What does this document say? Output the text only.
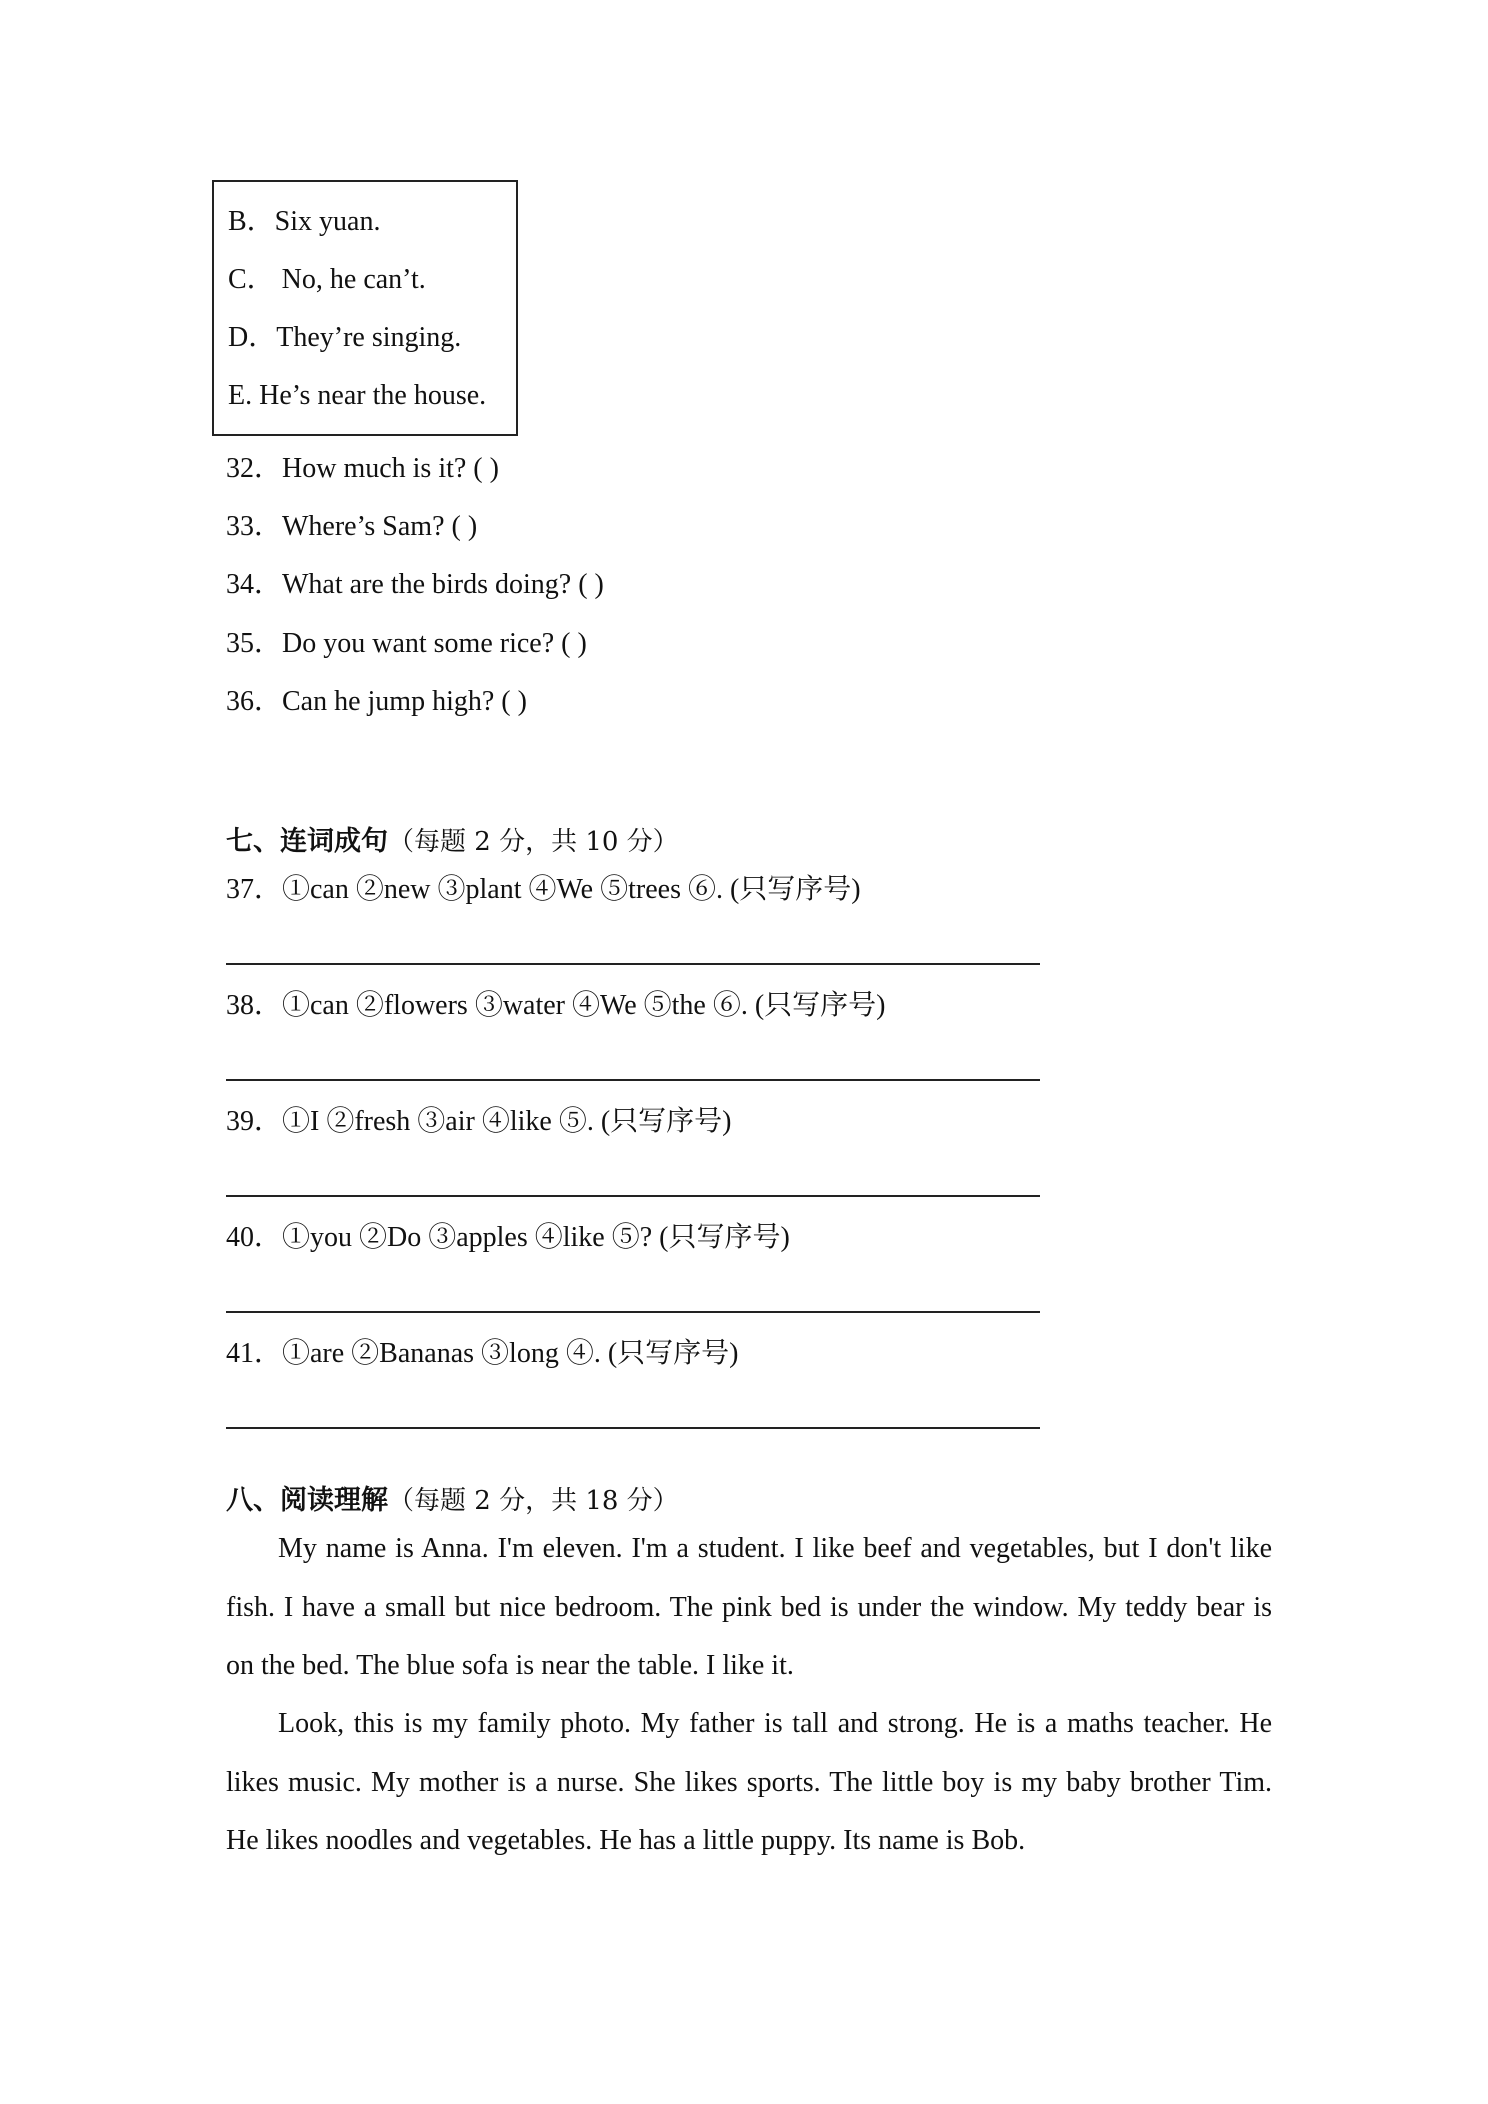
B．Six yuan.
C． No, he can’t.
D．They’re singing.
E. He’s near the house.
32．How much is it? ( )
33．Where’s Sam? ( )
34．What are the birds doing? ( )
35．Do you want some rice? ( )
36．Can he jump high? ( )
七、连词成句（每题 2 分，共 10 分）
37．①can ②new ③plant ④We ⑤trees ⑥. (只写序号)
38．①can ②flowers ③water ④We ⑤the ⑥. (只写序号)
39．①I ②fresh ③air ④like ⑤. (只写序号)
40．①you ②Do ③apples ④like ⑤? (只写序号)
41．①are ②Bananas ③long ④. (只写序号)
八、阅读理解（每题 2 分，共 18 分）

My name is Anna. I'm eleven. I'm a student. I like beef and vegetables, but I don't like fish. I have a small but nice bedroom. The pink bed is under the window. My teddy bear is on the bed. The blue sofa is near the table. I like it.

Look, this is my family photo. My father is tall and strong. He is a maths teacher. He likes music. My mother is a nurse. She likes sports. The little boy is my baby brother Tim. He likes noodles and vegetables. He has a little puppy. Its name is Bob.
